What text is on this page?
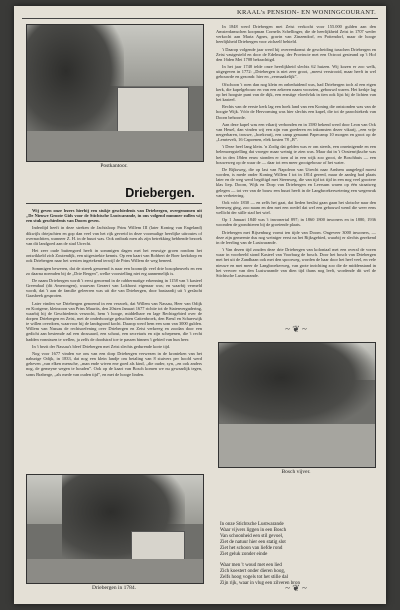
KRAAL's PENSION- EN WONINGCOURANT.
Postkantoor.
Driebergen.

Wij geven onze lezers hierbij een stukje geschiedenis van Driebergen, overgenomen uit „De Nieuwe Groote Gids voor de Stichtsche Lustwarande, in ons volgend nummer zullen wij een stuk geschiedenis van Doorn geven.

Inderdijd heeft in deze streken de Jachtsloop Prins Willem III (later Koning van Engeland) dikwijls driejachten en gop dan veel van het rijk gevreid in deze voormalige heerlijke uitroutes of overnachtten, wanneer Z. H. in de buurt was. Ook ontbrak men als zijn betrekking hebbende bezoek van dit landgoed aan de stad Utrecht.

Het zeer oude buitengoed heeft in sommigen dagen met het eeuwige groen rondom het ontwikkeld zich Zoutendijk, een uitgestrekte kennis. Op een kaart van Rohbert de Boer kerkdorp en ook Driebergen naar het westen ingetekend terwijl de Prins Willem de weg beneed.

Sommigen beweren, dat de streek genoemd is naar een boomrijk veel drie bosopheuvels en een zo daarna noemden bij de „Drie Bergen”, welke voorstelling niet erg aannemelijk is.

De naam Driebergen wordt 't eerst genoemd in de rabbermatige erkenning in 1158 van 't kasteel Greendaal (dit Amerongen), waarvan Geraert van Lokhorst eigenaar was; en waarbij vermeld wordt, dat 't aan de familie geleerren was uit die van Driebergen, door bastaardij uit 't geslacht Gaasbeek gesproten.

Later vinden we Driebergen genoemd in een verzoek, dat Willem van Nassau, Heer van Odijk en Kortgene, kleinzoon van Prins Maurits, den 20sten Januari 1677 richtte tot de Statenvergadering, waarbij hij de Geschiedenis verzocht, hem 't hooge, middelbare en lage Rechtsgebied over de dorpen Driebergen en Zeist, met de onderhoorige gehuchten Cattenbroek, den Breul en Schaerwijk te willen overdoen, waarvoor hij de landsgrond kocht. Daarop werd hem een som van 3000 gulden. Willem van Nassau de rechtsoefening over Driebergen en Zeist verkreeg en zoodan door een gedicht aan bestemde zal een drossaard, een schout, een secretaris en zijn schepenen, die 't recht hadden vonnissen te wellen, ja zelfs de doodstraf toe te passen binnen 't gebied van hun heer.

In 't bezit der Nassau's bleef Driebergen met Zeist slechts gedurende korte tijd.

Nog voor 1677 vinden we ons van een dorp Driebergen verwezen in de kronieken van het naburige Odijk, in 1833, dat nog een klein landje om betaling van 8 stuivers per hoofd werd geheven „van elken mensche, „man ende wiven ene goed als kind, „die ouder, syn, „en ook anders nog, de gemeyne wegen te houden”. Ook op de kaart van Bosch komen we nu gewaarlijk tegen, soms Braberge, „als mede van ouden tijd”, en met de hooge linden.

Driebergen in 1784.

In 1848 werd Driebergen met Zeist verkocht voor 155.000 gulden aan den Amsterdamschen koopman Cornelis Schellinger, die de heerlijkheid Zeist in 1707 weder verkocht aan Maria Agnes, gravin van Zinzendorf, en Pottendorf, maar de hooge heerlijkheid Driebergen voor zichzelf behield.

't Daarop volgende jaar werd bij overeenkomst de gescheiding tusschen Driebergen en Zeist vastgesteld en door de Edelmog. der Provincie met een Octrooi gesteund op 't Hof den 16den Mei 1708 bekrachtigd.

In het jaar 1748 telde onze heerlijkheid slechts 62 huizen. Wij kozen er zoo welk, uitgegeven in 1772: „Driebergen is niet zeer groot, „meest verstrooid, maar heeft in wel gebouwde en gezondr. hier en „vermaakelijk”.

Ofschoon 't roen dan nog klein en onbeduidend was, had Driebergen toch al een eigen kerk, die kapelgebouw en van een zekeren naam voorzien, gebouwd waren. Het kerkje lag op het hoogste punt van de dijk, een ernstige vloedvlak in tien ook lijst bij de lichten van het kasteel.

Rechts van de eerste kerk lag een hoek land van een Koning die ontstonden was van de hoogte Wijk. Vóór de Hervorming was hier slechts een kapel, die tot de parochiekerk van Doorn behoorde.

Aan deze kapel was een vikarij verbonden en in 1580 bekend werd door Leon van Ock van Heuel, dan vinden wij een zijn van goederen en inkomsten dezer vikarij, „een vrije nergerbaren, trouwe, „boekvarij, een camp genaamt Papecamp 10 morgen en groot op de „Lenrtevelt, 16 Capoenen, elek kosten 78 „B”.

't Deze heel lang klein. 'n Zodig dat gelden was er om steeds, een onreinigende en een belemoergstelling dat vroeger maar weinig te zien was. Maar dat in 't Oostenrijksche was het in den 18den eeuw stonden er toen al in een wijk zoo groot, de Boschhuis — een bouweweg op de waar de — daar tot een meer grootgebouw of het water.

De Rijksweg, die op last van Napoleon van Utrecht naar Arnhem aangelegd moest worden, is mede onder Koning Willem I tot in 1814 gereed, maar de aanleg had plaats later en de weg werd begiftigd met Steenweg, die van tijd tot tijd in een nog veel grootere klas liep. Doorn, Wijk en Dorp van Driebergen en Leersum waren op één straatweg gelegen — tot ver van de bouw een buurt heeft in de Langbroekerwetering een wegenvak van verbetering.

Ook vóór 1830 — en zelfs het gaat, dat lieden beslist gaan gaan het slotsche naar den heenweg ging, zoo naam en den met een roedel dat wel een gebouwd wend die weer eens wellicht der stille stad het wiel.

Op 1 Januari 1840 was 't inwonertal 897; in 1860 1800 inwoners en in 1880, 1936 woonden de grondsteren bij de groeiende plaats.

Driebergen met Rijsenburg vormt ten tijde van Doorn. Ongeveer 3000 inwoners, — deze zijn gemeente dus nog weiniger eerst na het Rijksgebied, waarbij er slechts gerekend in de leerling van de Lustwarande.

't Van dezen tijd zouden deze drie Driebergen van koloniaal met een overal de voren waar in voorbeeld stond Kasteel van Voorburg de bosch. Door het bosch van Driebergen met het uit de Zandbaan ook met den spoorweg, worden de haar door het heel veel, en vele nieuwe en met meer de Langbroekerweg, van grote inrichting zoo die de middenstand in het vervoer van den Lustwarande van dien tijd thans nog leeft, wordende dit wel de Stichtsche Lustwarande.

~ ❦ ~
Bosch vijver.
In onze Stichtsche Lustwarande
Waar vijvers liggen in een Bosch
Van schoonheid een stil gevoel,
Ziet de natuur hier een statig slot
Ziet het schoon van liefde rond
Ziet geluk zonder einde
Waar men 't woud met een lied
Zich koestert onder dieren hoog,
Zelfs hoog vogels tot het stille dal
Zijn rijk, waar in vlug een zilveren bron
~ ❦ ~
